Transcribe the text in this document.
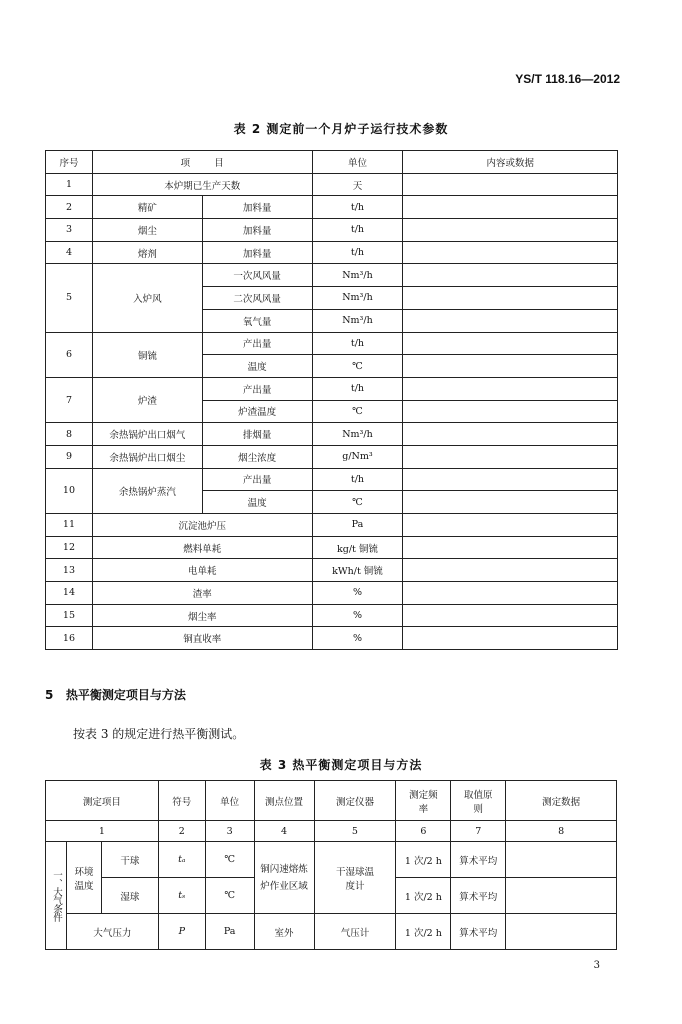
YS/T 118.16—2012
表 2 测定前一个月炉子运行技术参数
序号	项        目		单位	内容或数据
1	本炉期已生产天数		天	
2	精矿	加料量	t/h	
3	烟尘	加料量	t/h	
4	熔剂	加料量	t/h	
5	入炉风	一次风风量	Nm³/h	
		二次风风量	Nm³/h	
		氧气量	Nm³/h	
6	铜锍	产出量	t/h	
		温度	℃	
7	炉渣	产出量	t/h	
		炉渣温度	℃	
8	余热锅炉出口烟气	排烟量	Nm³/h	
9	余热锅炉出口烟尘	烟尘浓度	g/Nm³	
10	余热锅炉蒸汽	产出量	t/h	
		温度	℃	
11	沉淀池炉压		Pa	
12	燃料单耗		kg/t 铜锍	
13	电单耗		kWh/t 铜锍	
14	渣率		%	
15	烟尘率		%	
16	铜直收率		%	
5   热平衡测定项目与方法
按表 3 的规定进行热平衡测试。
表 3 热平衡测定项目与方法
测定项目			符号	单位	测点位置	测定仪器	测定频率	取值原则	测定数据
1			2	3	4	5	6	7	8
一、大气条件	环境温度	干球	tₐ	℃	铜闪速熔炼炉作业区域	干湿球温度计	1 次/2 h	算术平均	
		湿球	tₛ	℃			1 次/2 h	算术平均	
	大气压力		P	Pa	室外	气压计	1 次/2 h	算术平均	
3
